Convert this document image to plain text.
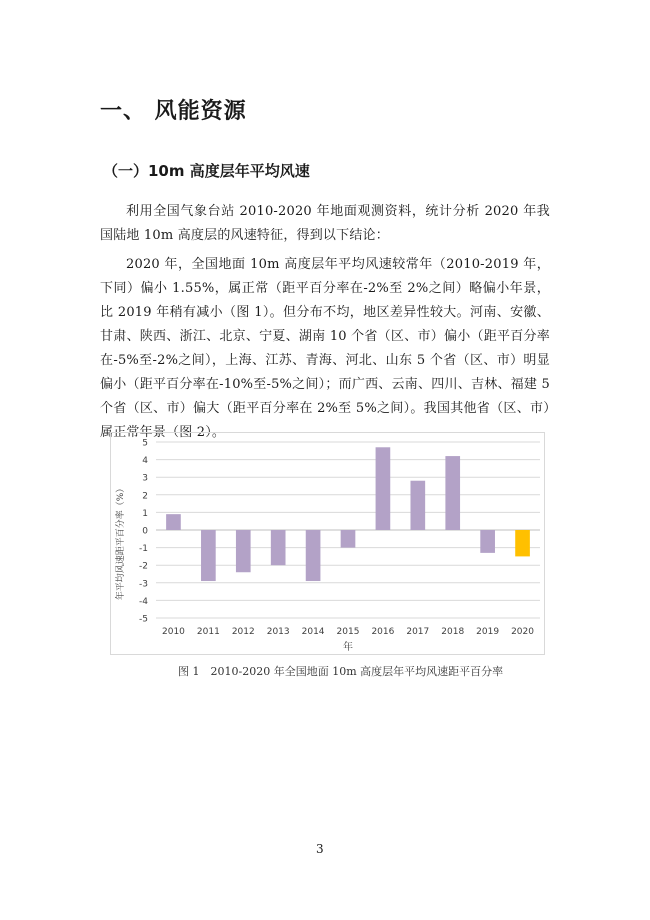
一、 风能资源
（一）10m 高度层年平均风速

利用全国气象台站 2010-2020 年地面观测资料，统计分析 2020 年我国陆地 10m 高度层的风速特征，得到以下结论：

2020 年，全国地面 10m 高度层年平均风速较常年（2010-2019 年，下同）偏小 1.55%，属正常（距平百分率在-2%至 2%之间）略偏小年景，比 2019 年稍有减小（图 1）。但分布不均，地区差异性较大。河南、安徽、甘肃、陕西、浙江、北京、宁夏、湖南 10 个省（区、市）偏小（距平百分率在-5%至-2%之间），上海、江苏、青海、河北、山东 5 个省（区、市）明显偏小（距平百分率在-10%至-5%之间）；而广西、云南、四川、吉林、福建 5 个省（区、市）偏大（距平百分率在 2%至 5%之间）。我国其他省（区、市）属正常年景（图 2）。

-5
-4
-3
-2
-1
0
1
2
3
4
5
2010 2011 2012 2013 2014 2015 2016 2017 2018 2019 2020
年
年平均风速距平百分率（%）
图 1　2010-2020 年全国地面 10m 高度层年平均风速距平百分率
3
